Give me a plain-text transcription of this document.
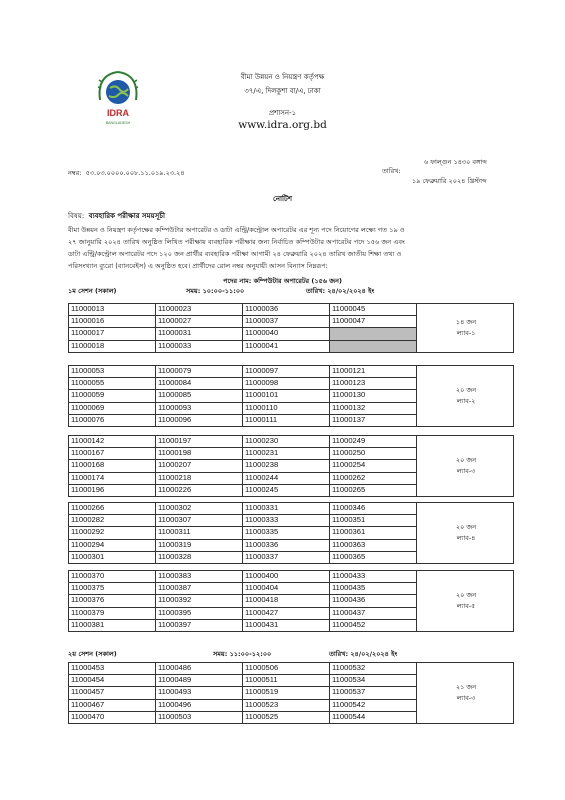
IDRA
BANGLADESH
বীমা উন্নয়ন ও নিয়ন্ত্রণ কর্তৃপক্ষ
৩৭/এ, দিলকুশা বা/এ, ঢাকা
প্রশাসন-১
www.idra.org.bd
৬ ফাল্গুন ১৪৩০ বঙ্গাব্দ
নম্বর: ৫৩.০৩.০০০০.০০৮.১১.০১৯.২৩.২৪	তারিখ:
১৯ ফেব্রুয়ারি ২০২৪ খ্রিস্টাব্দ
নোটিশ
বিষয়: ব্যবহারিক পরীক্ষার সময়সূচী
বীমা উন্নয়ন ও নিয়ন্ত্রণ কর্তৃপক্ষের কম্পিউটার অপারেটর ও ডাটা এন্ট্রি/কন্ট্রোল অপারেটর এর শূন্য পদে নিয়োগের লক্ষ্যে গত ১৯ ও
২৭ জানুয়ারি ২০২৪ তারিখ অনুষ্ঠিত লিখিত পরীক্ষায় ব্যবহারিক পরীক্ষার জন্য নির্বাচিত কম্পিউটার অপারেটর পদে ১৫৬ জন এবং
ডাটা এন্ট্রি/কন্ট্রোল অপারেটর পদে ১২০ জন প্রার্থীর ব্যবহারিক পরীক্ষা আগামী ২৪ ফেব্রুয়ারি ২০২৪ তারিখ জাতীয় শিক্ষা তথ্য ও
পরিসংখ্যান ব্যুরো (ব্যানবেইস) এ অনুষ্ঠিত হবে। প্রার্থীদের রোল নম্বর অনুযায়ী আসন বিন্যাস নিম্নরূপ:
পদের নাম: কম্পিউটার অপারেটর (১৫৬ জন)
১ম সেশন (সকাল)	সময়: ১০:০০-১১:০০	তারিখ: ২৪/০২/২০২৪ ইং
২য় সেশন (সকাল)	সময়: ১১:০০-১২:০০	তারিখ: ২৪/০২/২০২৪ ইং
11000013	11000023	11000036	11000045	১৪ জন
ল্যাব-১

11000016	11000027	11000037	11000047	
11000017	11000031	11000040		
11000018	11000033	11000041		
11000053	11000079	11000097	11000121	২০ জন
ল্যাব-২

11000055	11000084	11000098	11000123	
11000059	11000085	11000101	11000130	
11000069	11000093	11000110	11000132	
11000076	11000096	11000111	11000137	
11000142	11000197	11000230	11000249	২০ জন
ল্যাব-৩

11000167	11000198	11000231	11000250	
11000168	11000207	11000238	11000254	
11000174	11000218	11000244	11000262	
11000196	11000226	11000245	11000265	
11000266	11000302	11000331	11000346	২০ জন
ল্যাব-৪

11000282	11000307	11000333	11000351	
11000292	11000311	11000335	11000361	
11000294	11000319	11000336	11000363	
11000301	11000328	11000337	11000365	
11000370	11000383	11000400	11000433	২০ জন
ল্যাব-৫

11000375	11000387	11000404	11000435	
11000376	11000392	11000418	11000436	
11000379	11000395	11000427	11000437	
11000381	11000397	11000431	11000452	
11000453	11000486	11000506	11000532	২১ জন
ল্যাব-৩

11000454	11000489	11000511	11000534	
11000457	11000493	11000519	11000537	
11000467	11000496	11000523	11000542	
11000470	11000503	11000525	11000544	
